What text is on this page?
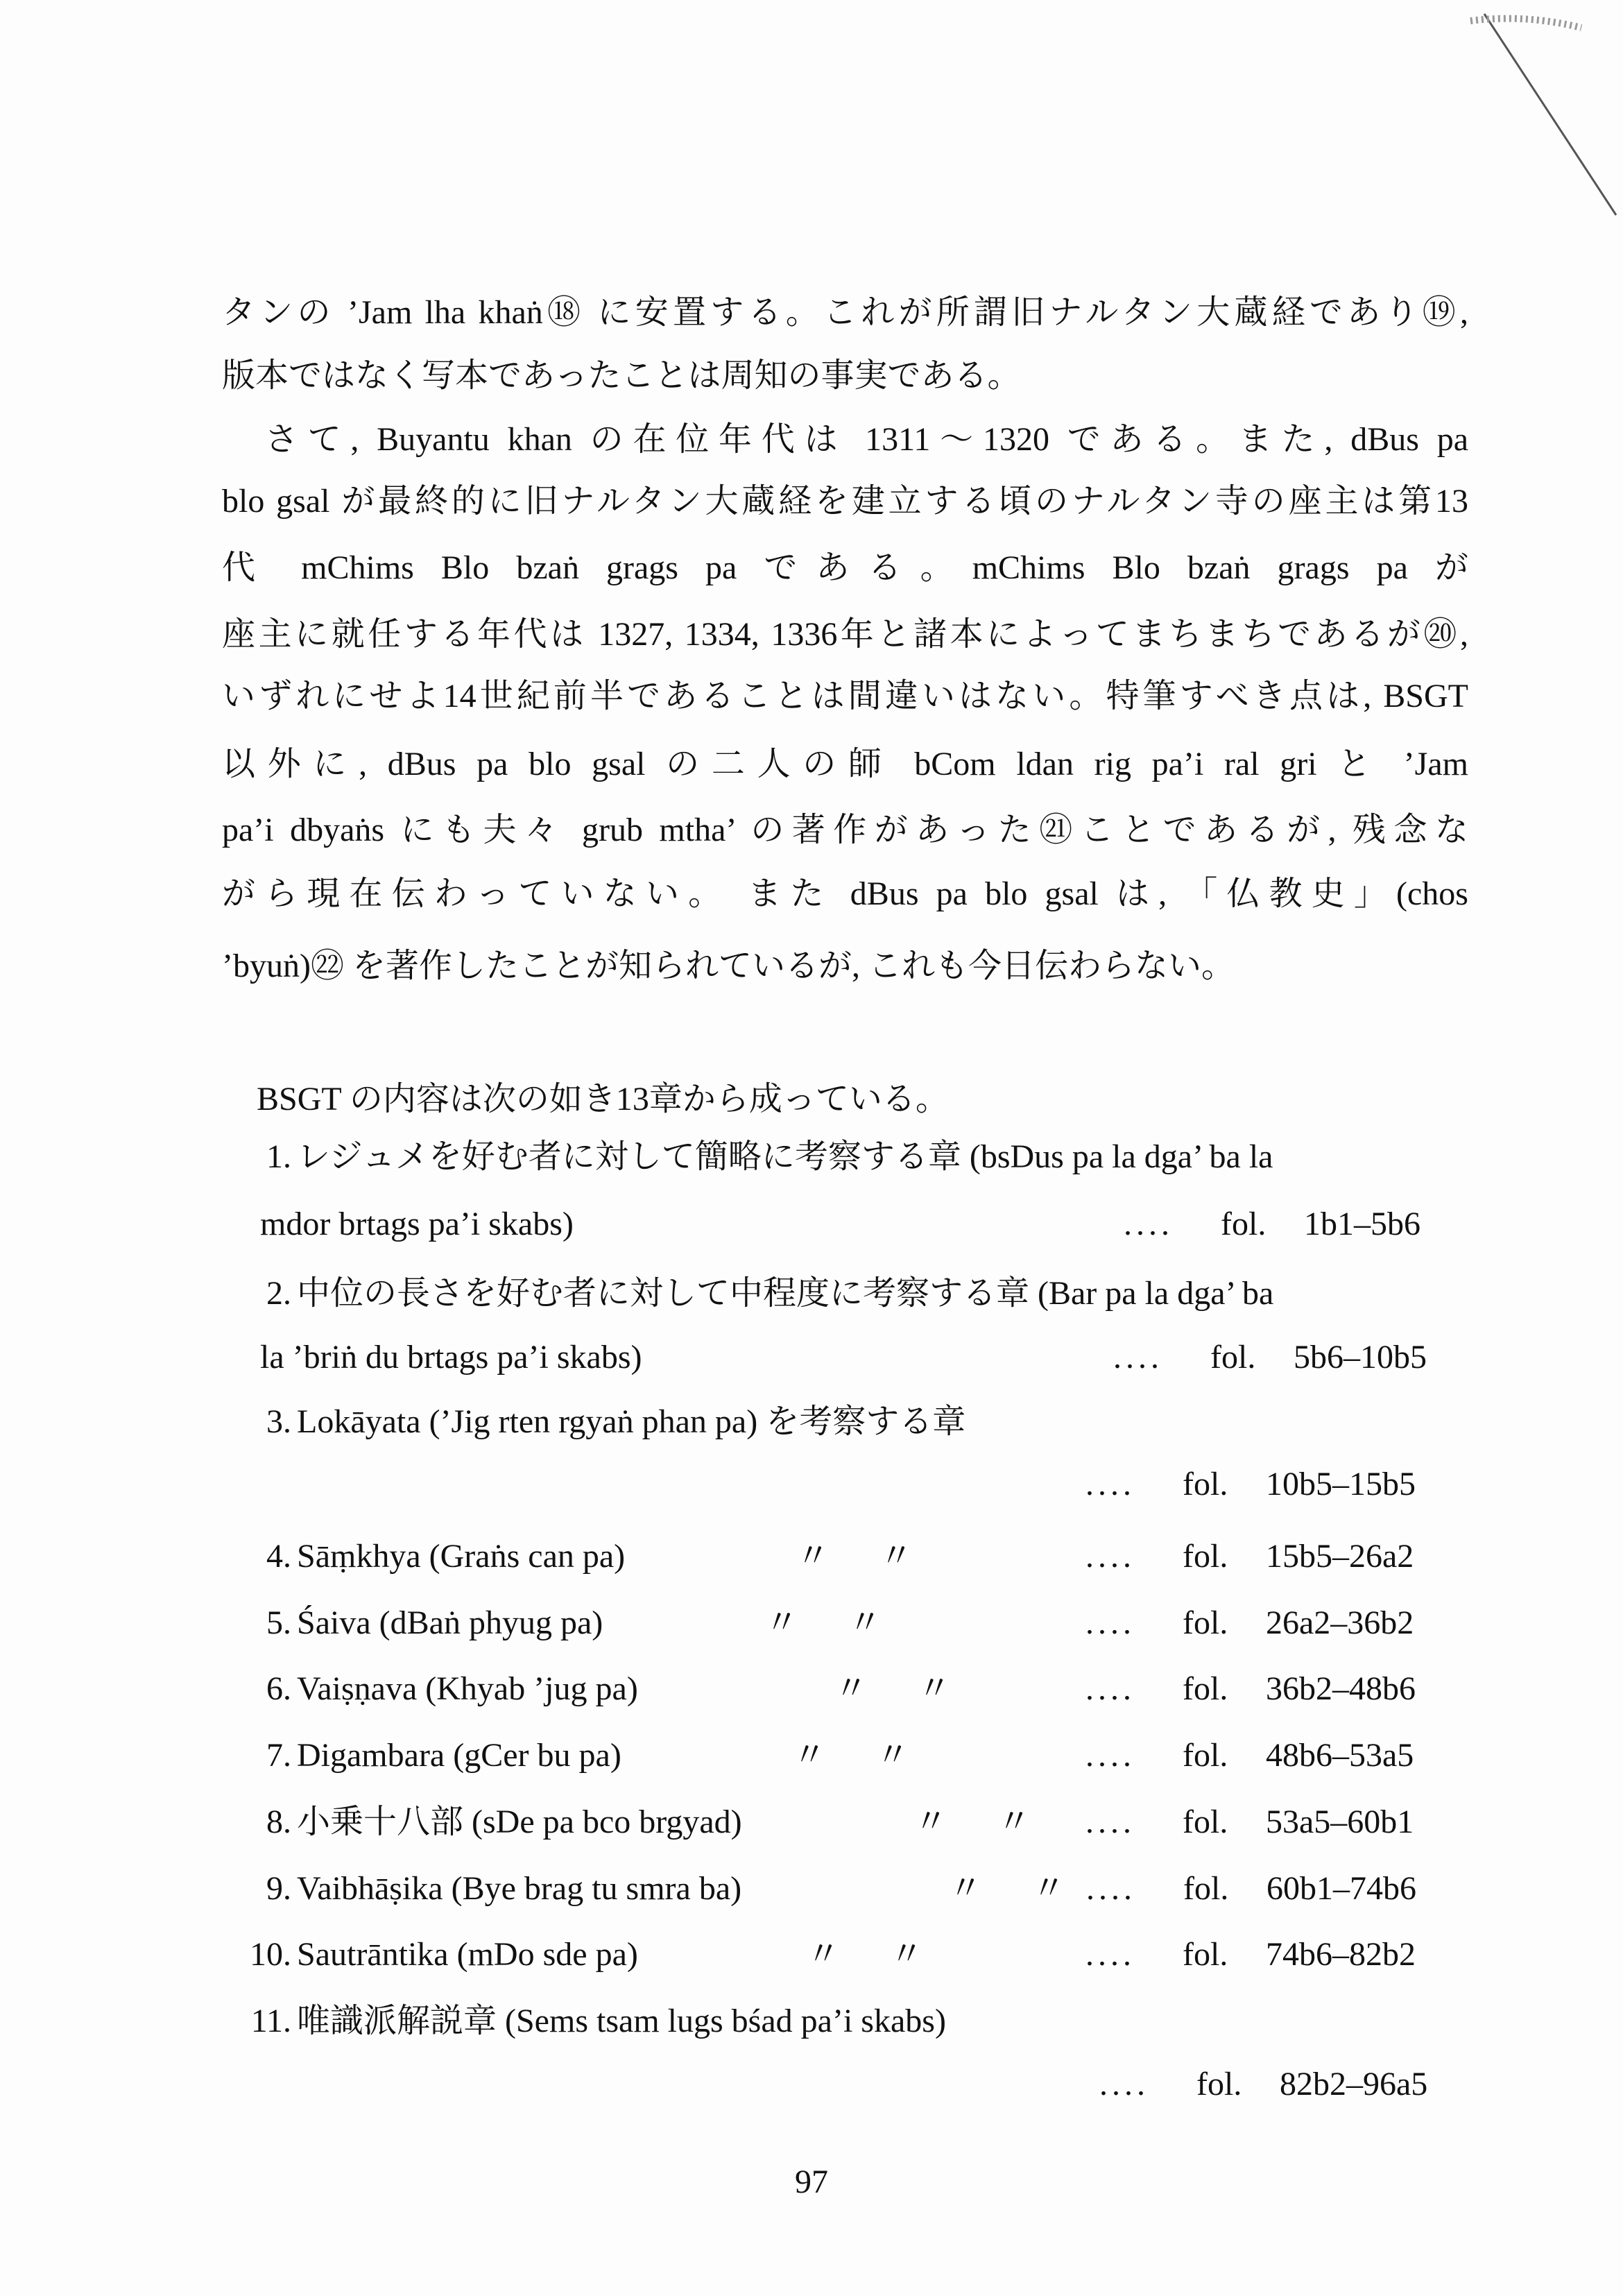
タンの ’Jam lha khaṅ⑱ に安置する。これが所謂旧ナルタン大蔵経であり⑲,
版本ではなく写本であったことは周知の事実である。
　さて, Buyantu khan の在位年代は 1311〜1320 である。また, dBus pa
blo gsal が最終的に旧ナルタン大蔵経を建立する頃のナルタン寺の座主は第13
代 mChims Blo bzaṅ grags pa である。mChims Blo bzaṅ grags pa が
座主に就任する年代は 1327, 1334, 1336年と諸本によってまちまちであるが⑳,
いずれにせよ14世紀前半であることは間違いはない。特筆すべき点は, BSGT
以外に, dBus pa blo gsal の二人の師 bCom ldan rig pa’i ral gri と ’Jam
pa’i dbyaṅs にも夫々 grub mtha’ の著作があった㉑ことであるが, 残念な
がら現在伝わっていない。 また dBus pa blo gsal は, 「仏教史」(chos
’byuṅ)㉒ を著作したことが知られているが, これも今日伝わらない。
BSGT の内容は次の如き13章から成っている。
1. レジュメを好む者に対して簡略に考察する章 (bsDus pa la dga’ ba la
mdor brtags pa’i skabs)	....	fol.	1b1–5b6
2. 中位の長さを好む者に対して中程度に考察する章 (Bar pa la dga’ ba
la ’briṅ du brtags pa’i skabs)	....	fol.	5b6–10b5
3. Lokāyata (’Jig rten rgyaṅ phan pa) を考察する章
....	fol.	10b5–15b5
4. Sāṃkhya (Graṅs can pa)	〃 〃	....	fol.	15b5–26a2
5. Śaiva (dBaṅ phyug pa)	〃 〃	....	fol.	26a2–36b2
6. Vaiṣṇava (Khyab ’jug pa)	〃 〃	....	fol.	36b2–48b6
7. Digambara (gCer bu pa)	〃 〃	....	fol.	48b6–53a5
8. 小乗十八部 (sDe pa bco brgyad)	〃 〃 ....	fol.	53a5–60b1
9. Vaibhāṣika (Bye brag tu smra ba)	〃 〃 ....	fol.	60b1–74b6
10. Sautrāntika (mDo sde pa)	〃 〃	....	fol.	74b6–82b2
11. 唯識派解説章 (Sems tsam lugs bśad pa’i skabs)
....	fol.	82b2–96a5
97
